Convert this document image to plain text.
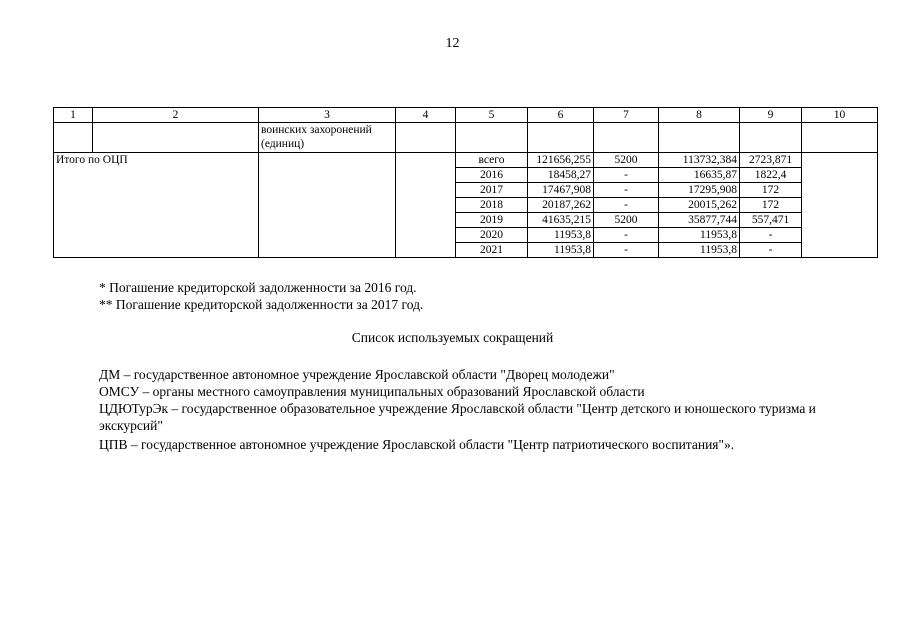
12
1	2	3	4	5	6	7	8	9	10
		воинских захоронений (единиц)							
Итого по ОЦП				всего	121656,255	5200	113732,384	2723,871	
				2016	18458,27	-	16635,87	1822,4	
				2017	17467,908	-	17295,908	172	
				2018	20187,262	-	20015,262	172	
				2019	41635,215	5200	35877,744	557,471	
				2020	11953,8	-	11953,8	-	
				2021	11953,8	-	11953,8	-	
* Погашение кредиторской задолженности за 2016 год.
** Погашение кредиторской задолженности за 2017 год.
Список используемых сокращений
ДМ – государственное автономное учреждение Ярославской области "Дворец молодежи"
ОМСУ – органы местного самоуправления муниципальных образований Ярославской области
ЦДЮТурЭк – государственное образовательное учреждение Ярославской области "Центр детского и юношеского туризма и экскурсий"
ЦПВ – государственное автономное учреждение Ярославской области "Центр патриотического воспитания"».
